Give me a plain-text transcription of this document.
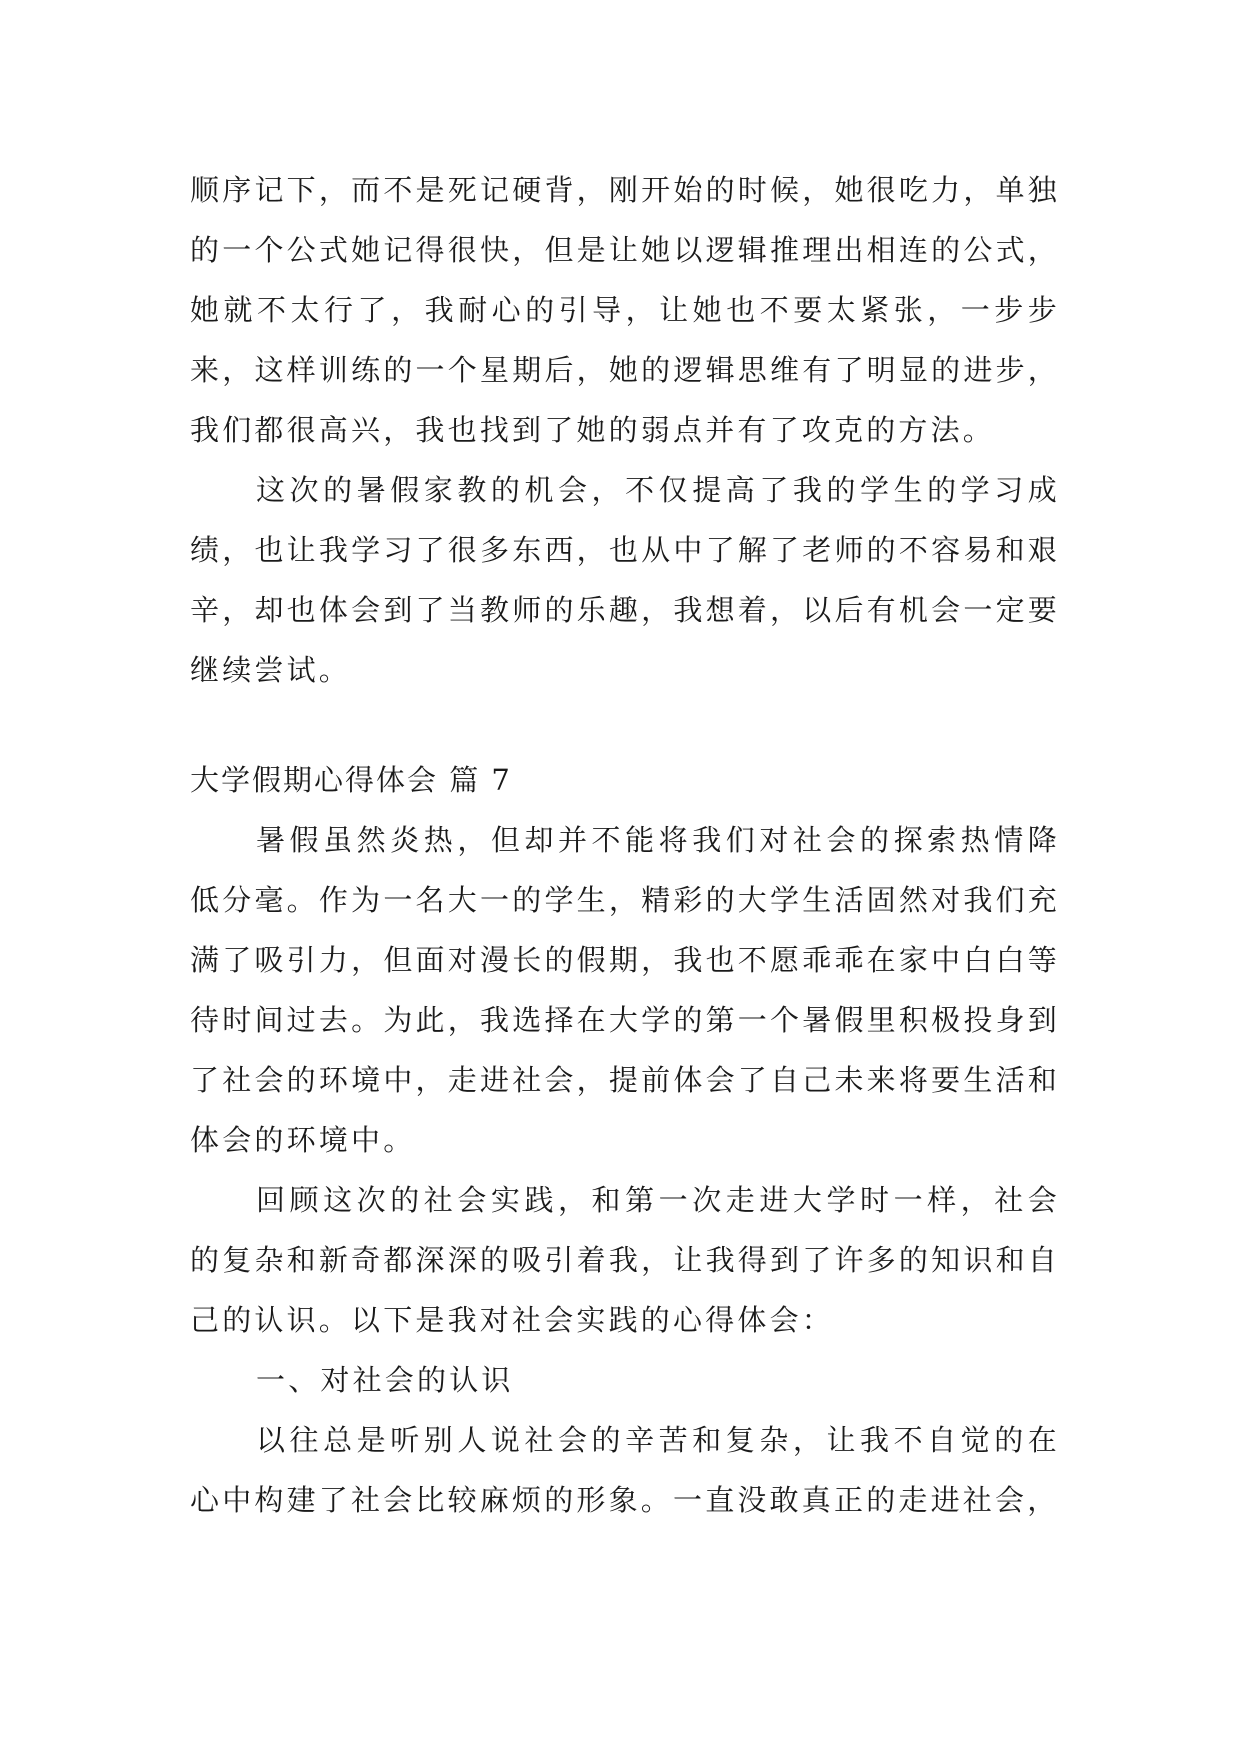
顺序记下，而不是死记硬背，刚开始的时候，她很吃力，单独的一个公式她记得很快，但是让她以逻辑推理出相连的公式，她就不太行了，我耐心的引导，让她也不要太紧张，一步步来，这样训练的一个星期后，她的逻辑思维有了明显的进步，我们都很高兴，我也找到了她的弱点并有了攻克的方法。

这次的暑假家教的机会，不仅提高了我的学生的学习成绩，也让我学习了很多东西，也从中了解了老师的不容易和艰辛，却也体会到了当教师的乐趣，我想着，以后有机会一定要继续尝试。

大学假期心得体会 篇 7

暑假虽然炎热，但却并不能将我们对社会的探索热情降低分毫。作为一名大一的学生，精彩的大学生活固然对我们充满了吸引力，但面对漫长的假期，我也不愿乖乖在家中白白等待时间过去。为此，我选择在大学的第一个暑假里积极投身到了社会的环境中，走进社会，提前体会了自己未来将要生活和体会的环境中。

回顾这次的社会实践，和第一次走进大学时一样，社会的复杂和新奇都深深的吸引着我，让我得到了许多的知识和自己的认识。以下是我对社会实践的心得体会：

一、对社会的认识

以往总是听别人说社会的辛苦和复杂，让我不自觉的在心中构建了社会比较麻烦的形象。一直没敢真正的走进社会，
